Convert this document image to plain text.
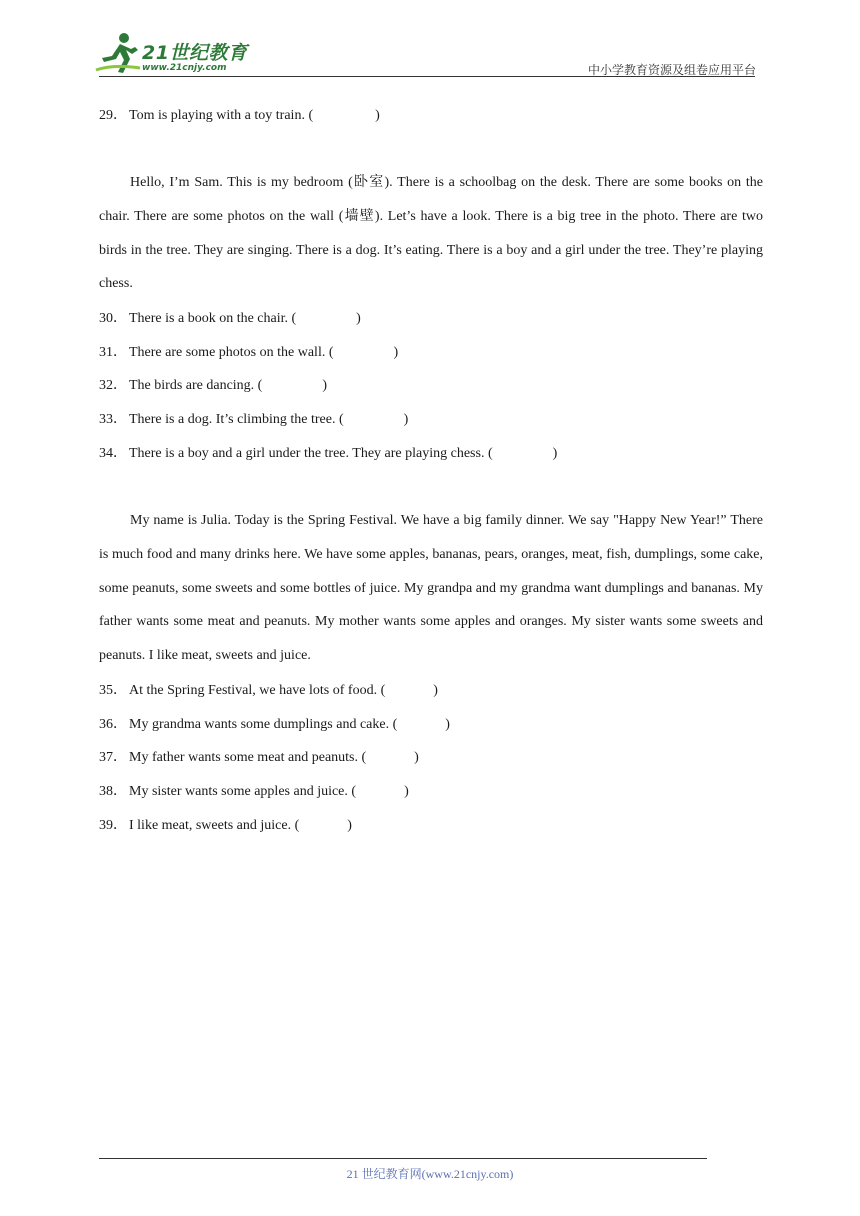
21世纪教育
www.21cnjy.com	中小学教育资源及组卷应用平台
29． Tom is playing with a toy train. (	)

Hello, I’m Sam. This is my bedroom (卧室). There is a schoolbag on the desk. There are some books on the chair. There are some photos on the wall (墙壁). Let’s have a look. There is a big tree in the photo. There are two birds in the tree. They are singing. There is a dog. It’s eating. There is a boy and a girl under the tree. They’re playing chess.

30． There is a book on the chair. (	)
31． There are some photos on the wall. (	)
32． The birds are dancing. (	)
33． There is a dog. It’s climbing the tree. (	)
34． There is a boy and a girl under the tree. They are playing chess. (	)

My name is Julia. Today is the Spring Festival. We have a big family dinner. We say "Happy New Year!” There is much food and many drinks here. We have some apples, bananas, pears, oranges, meat, fish, dumplings, some cake, some peanuts, some sweets and some bottles of juice. My grandpa and my grandma want dumplings and bananas. My father wants some meat and peanuts. My mother wants some apples and oranges. My sister wants some sweets and peanuts. I like meat, sweets and juice.

35． At the Spring Festival, we have lots of food. (	)
36． My grandma wants some dumplings and cake. (	)
37． My father wants some meat and peanuts. (	)
38． My sister wants some apples and juice. (	)
39． I like meat, sweets and juice. (	)
21 世纪教育网(www.21cnjy.com)
